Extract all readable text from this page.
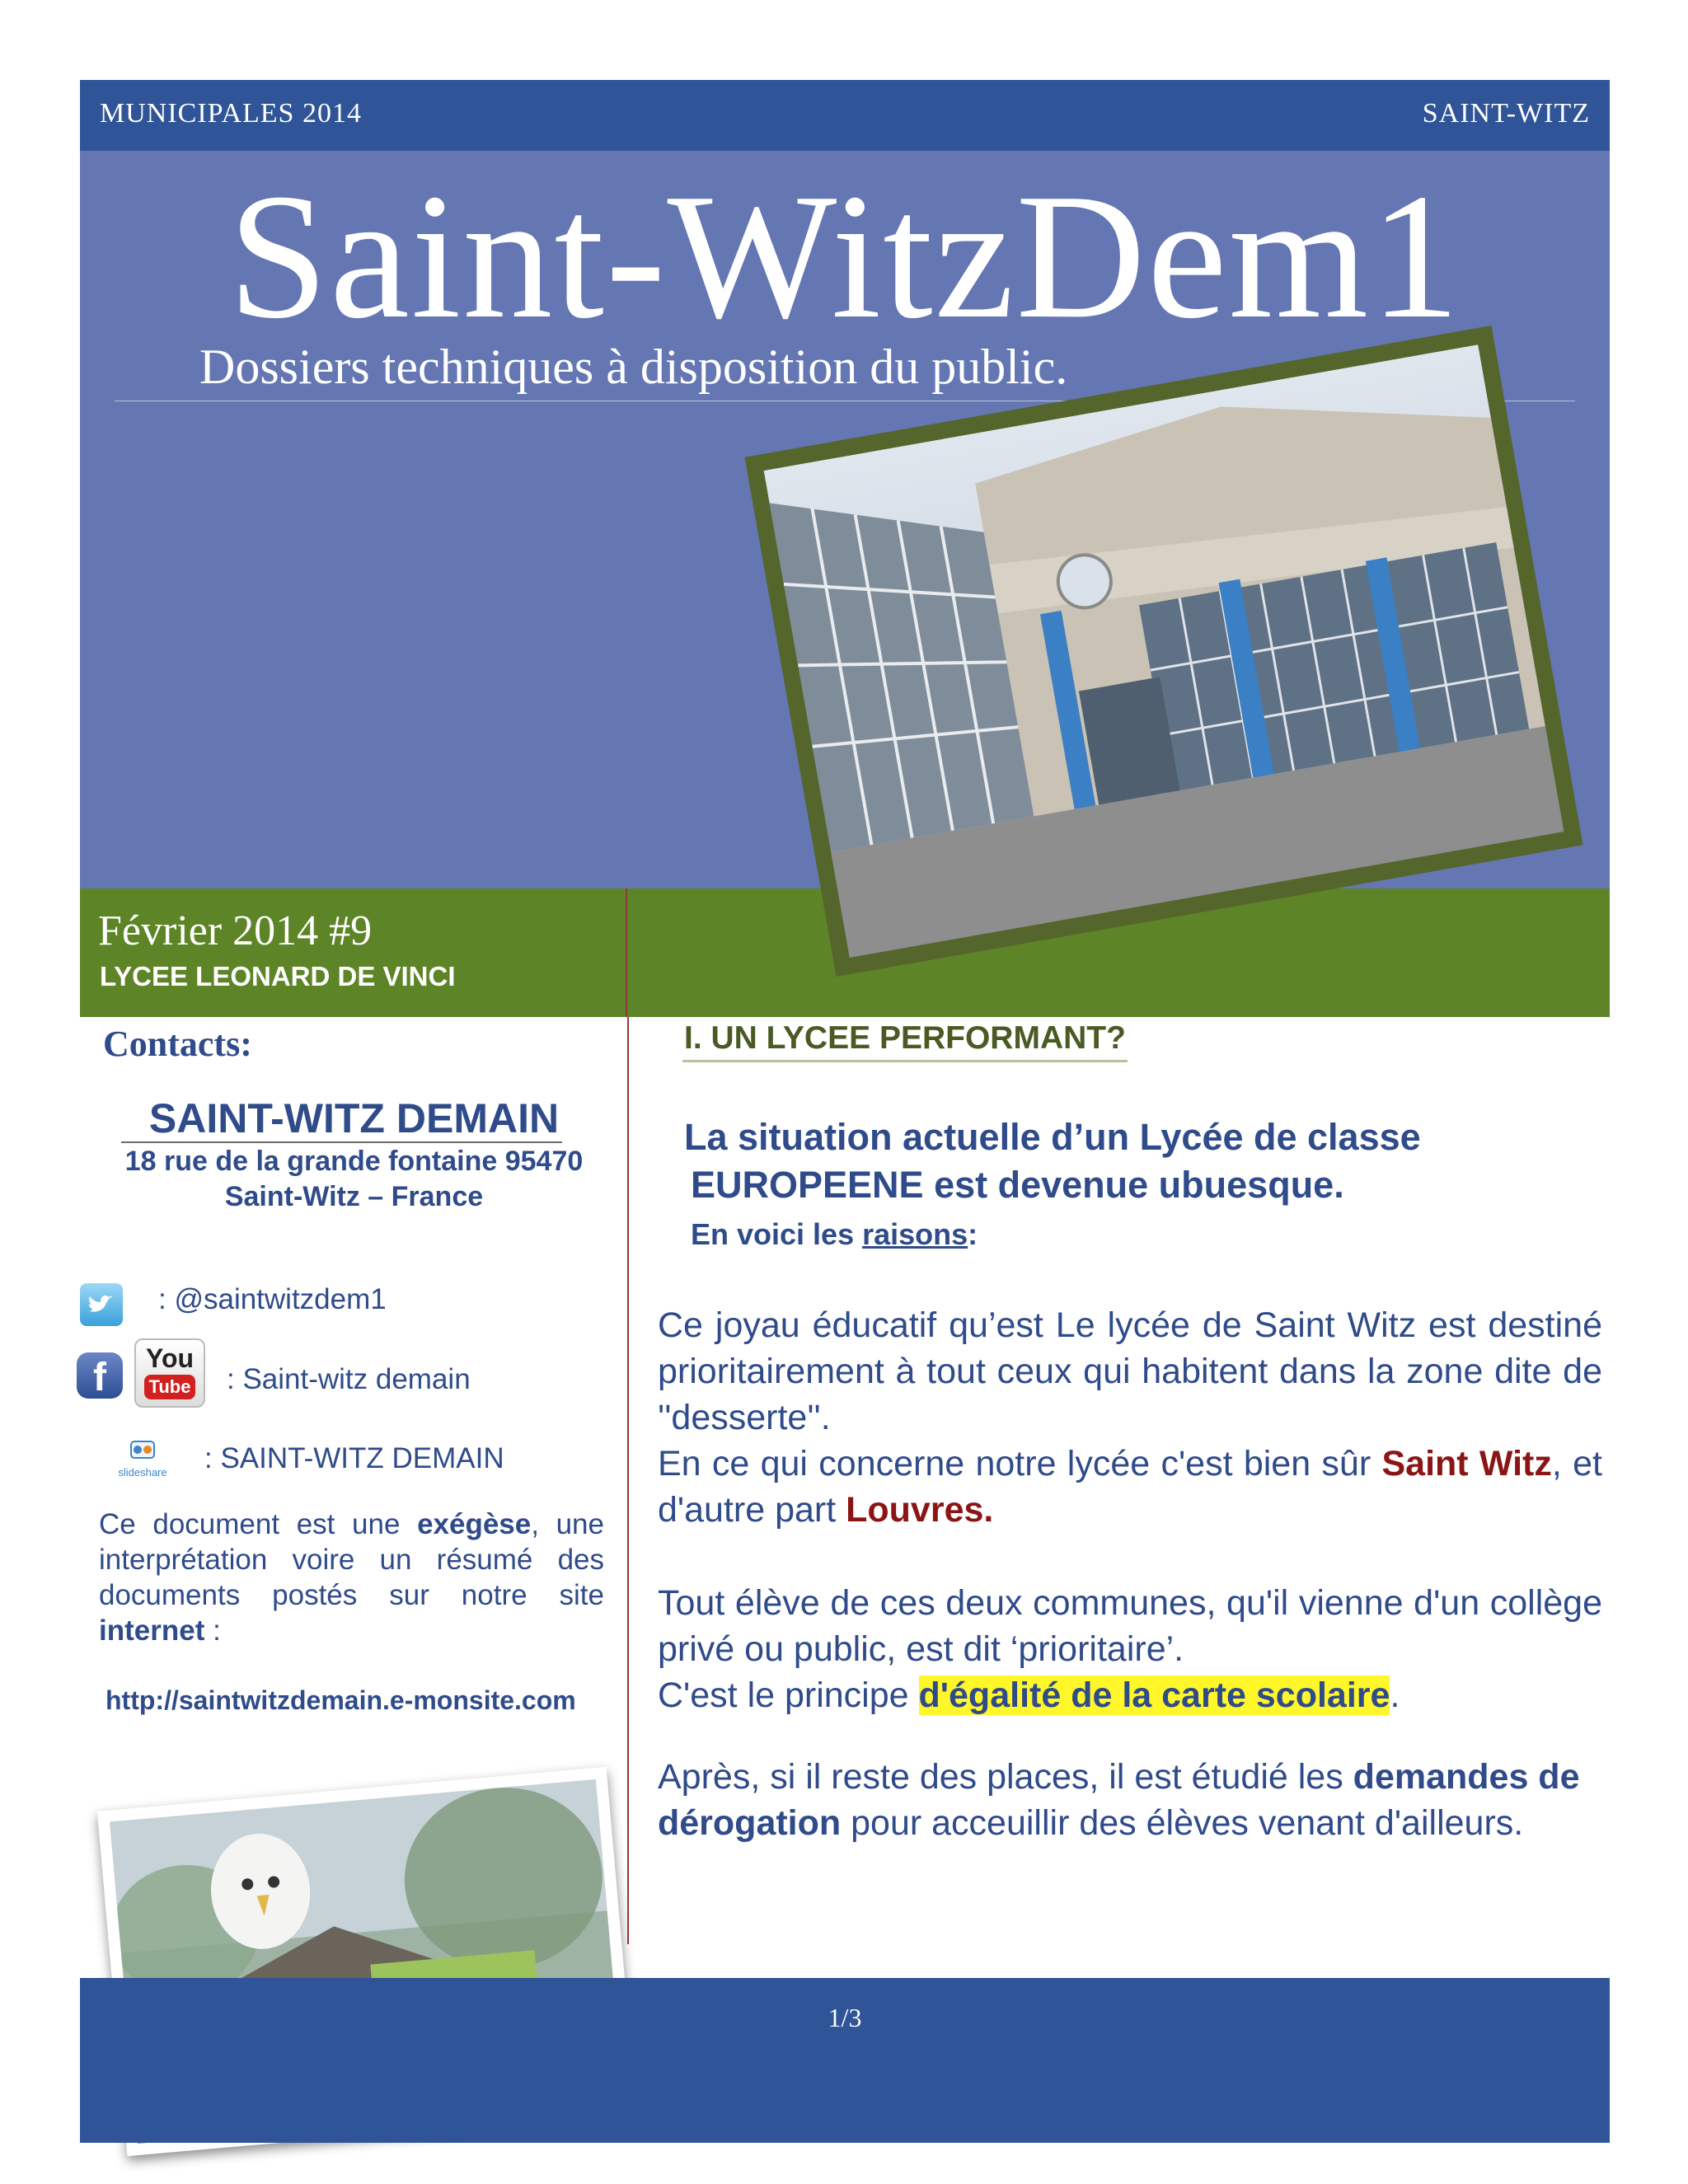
MUNICIPALES 2014	SAINT-WITZ
Saint-WitzDem1
Dossiers techniques à disposition du public.
Février 2014 #9
LYCEE LEONARD DE VINCI
Contacts:
SAINT-WITZ DEMAIN
18 rue de la grande fontaine 95470
Saint-Witz – France
: @saintwitzdem1
f	You
Tube : Saint-witz demain
slideshare : SAINT-WITZ DEMAIN
Ce document est une exégèse, une interprétation voire un résumé des documents postés sur notre site internet :
http://saintwitzdemain.e-monsite.com
I. UN LYCEE PERFORMANT?
La situation actuelle d’un Lycée de classe
EUROPEENE est devenue ubuesque.
En voici les raisons:
Ce joyau éducatif qu’est Le lycée de Saint Witz est destiné prioritairement à tout ceux qui habitent dans la zone dite de ''desserte''.
En ce qui concerne notre lycée c'est bien sûr Saint Witz, et d'autre part Louvres.
Tout élève de ces deux communes, qu'il vienne d'un collège privé ou public, est dit ‘prioritaire’.
C'est le principe d'égalité de la carte scolaire.
Après, si il reste des places, il est étudié les demandes de dérogation pour acceuillir des élèves venant d'ailleurs.
1/3
